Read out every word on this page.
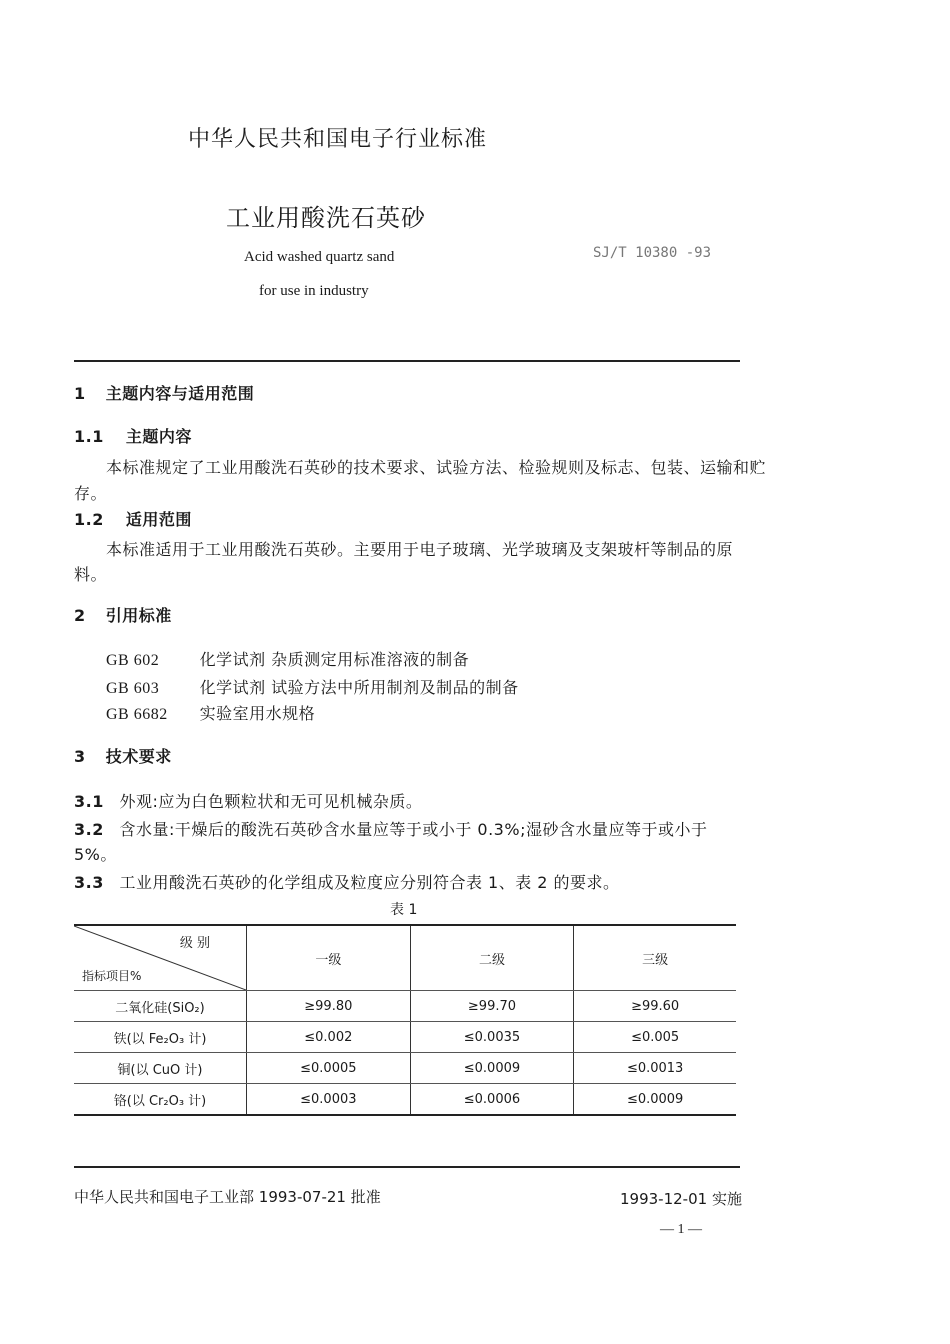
中华人民共和国电子行业标准
工业用酸洗石英砂
Acid washed quartz sand
for use in industry
SJ/T 10380 -93
1 主题内容与适用范围
1.1 主题内容
本标准规定了工业用酸洗石英砂的技术要求、试验方法、检验规则及标志、包装、运输和贮
存。
1.2 适用范围
本标准适用于工业用酸洗石英砂。主要用于电子玻璃、光学玻璃及支架玻杆等制品的原
料。
2 引用标准
GB 602	化学试剂 杂质测定用标准溶液的制备
GB 603	化学试剂 试验方法中所用制剂及制品的制备
GB 6682 实验室用水规格
3 技术要求
3.1 外观:应为白色颗粒状和无可见机械杂质。
3.2 含水量:干燥后的酸洗石英砂含水量应等于或小于 0.3%;湿砂含水量应等于或小于
5%。
3.3 工业用酸洗石英砂的化学组成及粒度应分别符合表 1、表 2 的要求。
表 1
级 别
指标项目%	一级	二级	三级
二氧化硅(SiO₂)	≥99.80	≥99.70	≥99.60
铁(以 Fe₂O₃ 计)	≤0.002	≤0.0035	≤0.005
铜(以 CuO 计)	≤0.0005	≤0.0009	≤0.0013
铬(以 Cr₂O₃ 计)	≤0.0003	≤0.0006	≤0.0009
中华人民共和国电子工业部 1993-07-21 批准	1993-12-01 实施
— 1 —
